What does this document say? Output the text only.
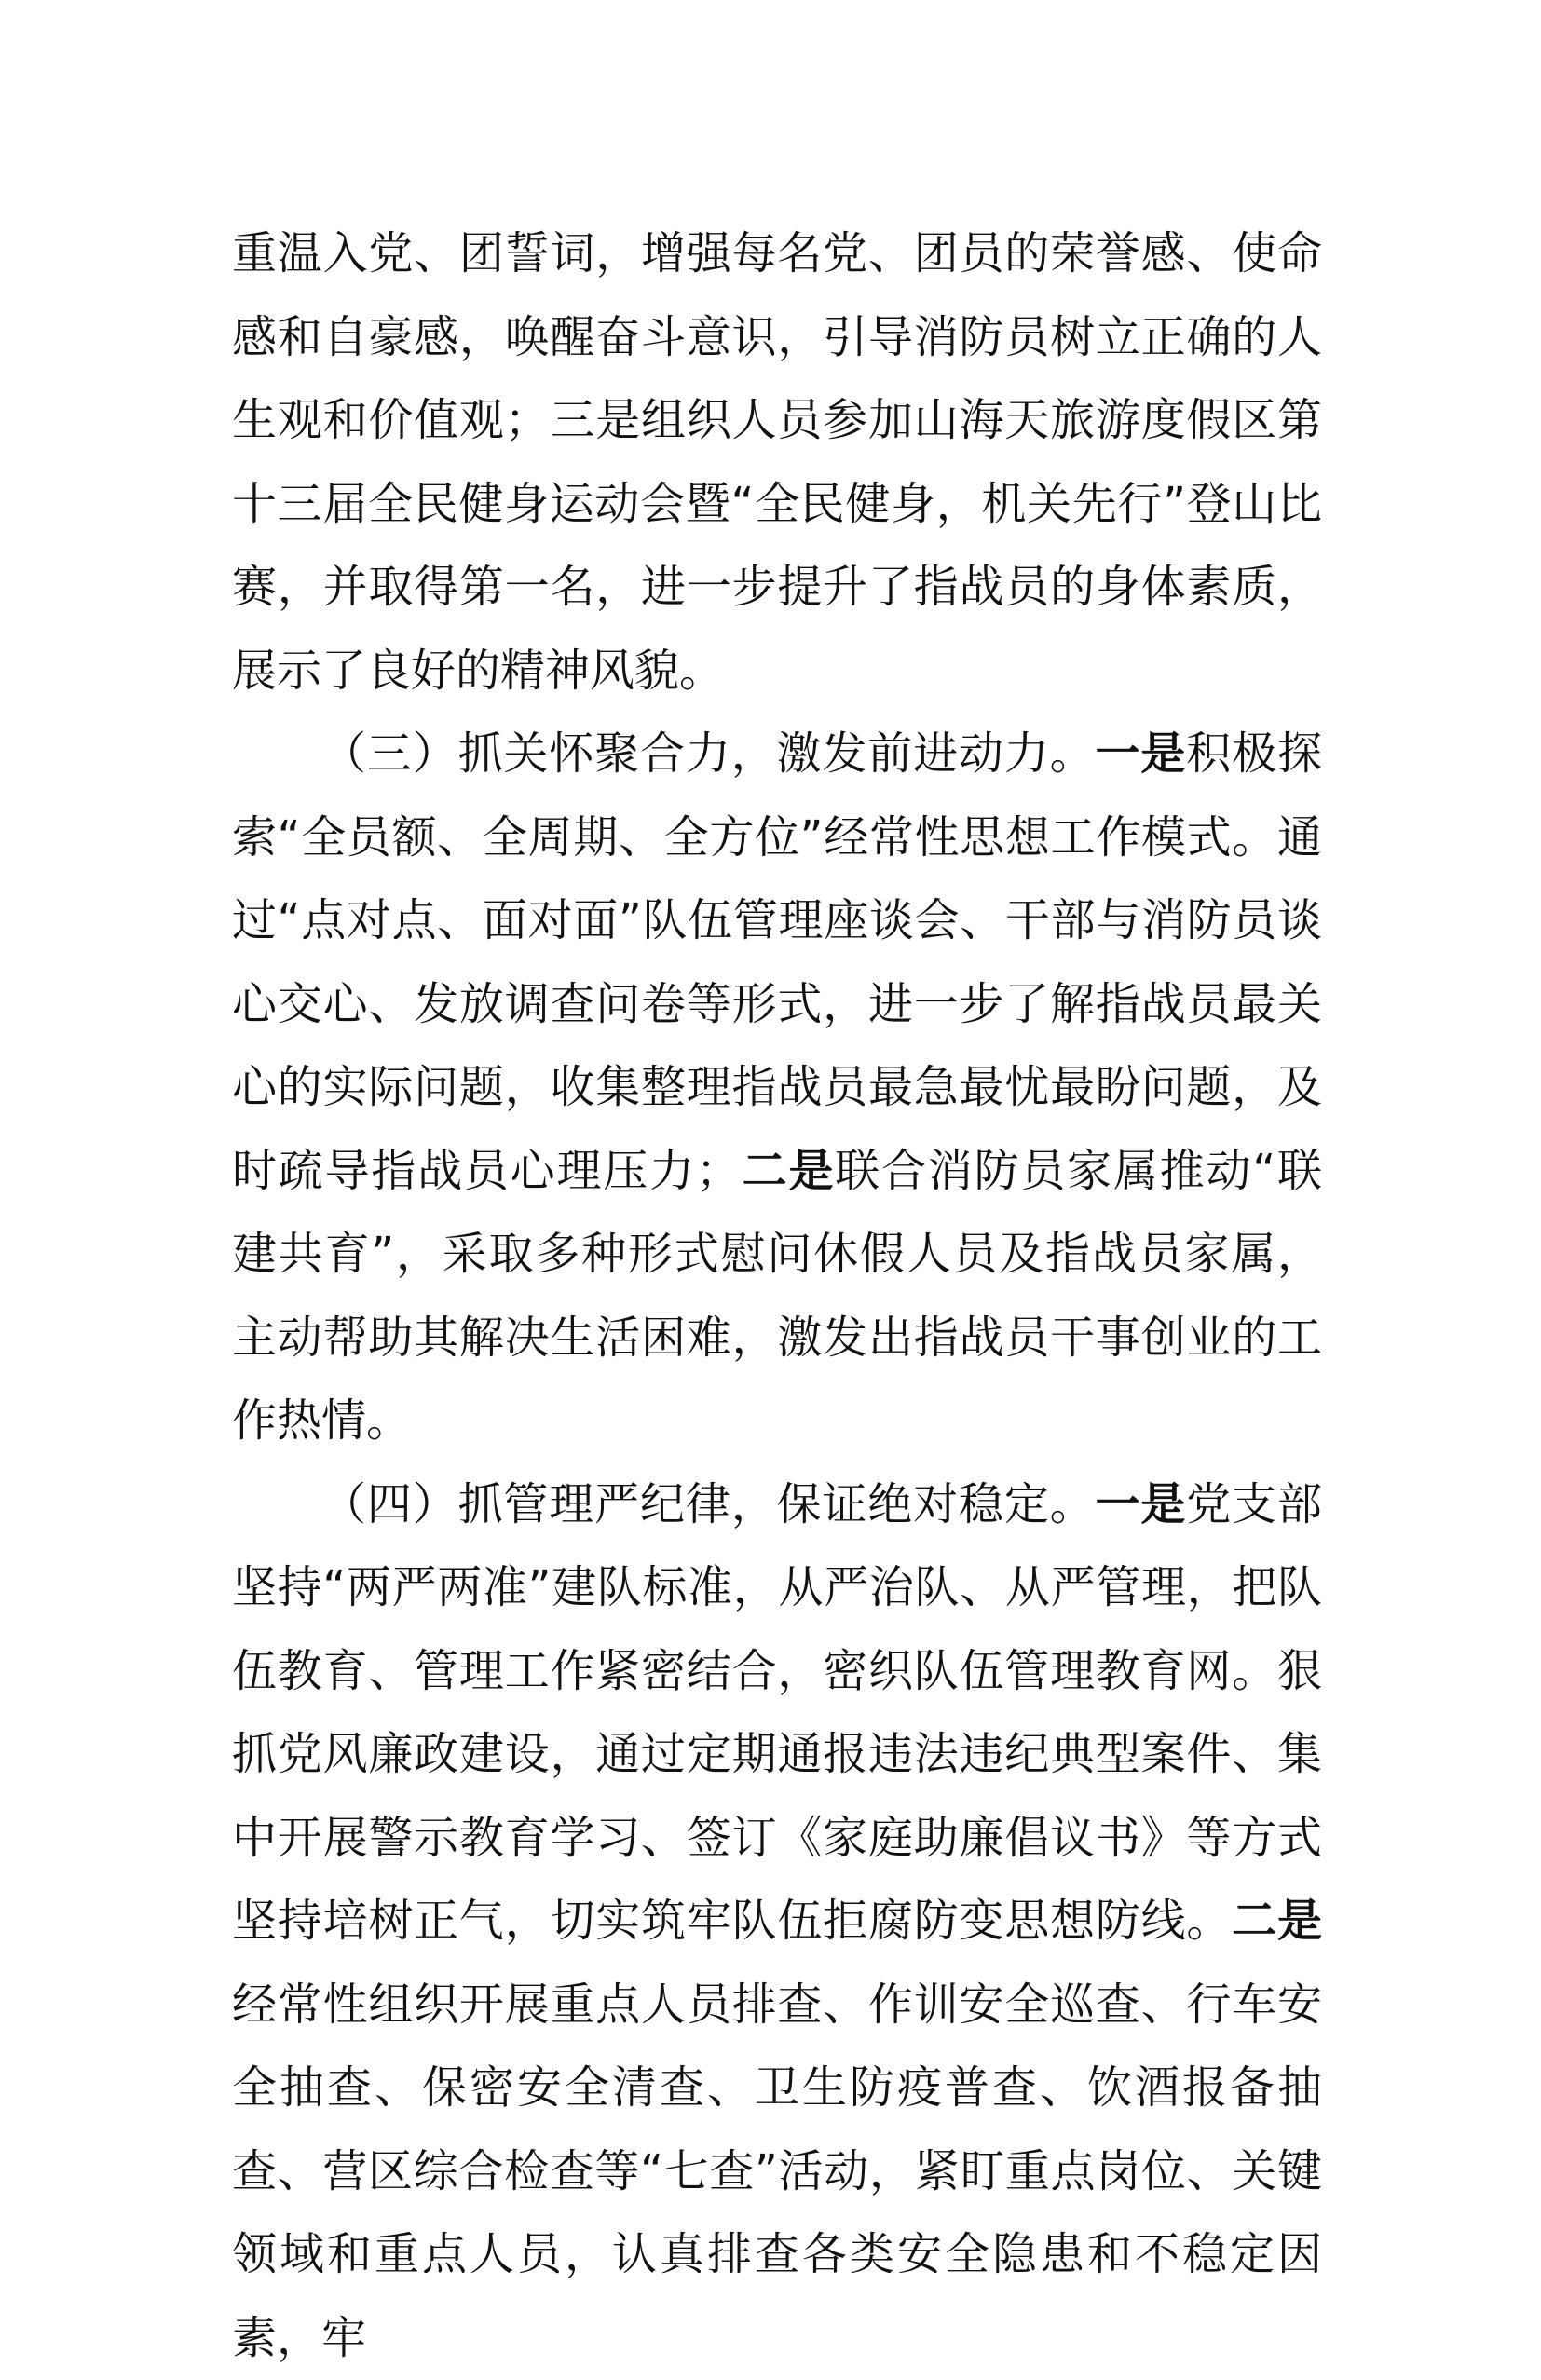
重温入党、团誓词，增强每名党、团员的荣誉感、使命感和自豪感，唤醒奋斗意识，引导消防员树立正确的人生观和价值观；三是组织人员参加山海天旅游度假区第十三届全民健身运动会暨“全民健身，机关先行”登山比赛，并取得第一名，进一步提升了指战员的身体素质，展示了良好的精神风貌。

（三）抓关怀聚合力，激发前进动力。一是积极探索“全员额、全周期、全方位”经常性思想工作模式。通过“点对点、面对面”队伍管理座谈会、干部与消防员谈心交心、发放调查问卷等形式，进一步了解指战员最关心的实际问题，收集整理指战员最急最忧最盼问题，及时疏导指战员心理压力；二是联合消防员家属推动“联建共育”，采取多种形式慰问休假人员及指战员家属，主动帮助其解决生活困难，激发出指战员干事创业的工作热情。

（四）抓管理严纪律，保证绝对稳定。一是党支部坚持“两严两准”建队标准，从严治队、从严管理，把队伍教育、管理工作紧密结合，密织队伍管理教育网。狠抓党风廉政建设，通过定期通报违法违纪典型案件、集中开展警示教育学习、签订《家庭助廉倡议书》等方式坚持培树正气，切实筑牢队伍拒腐防变思想防线。二是经常性组织开展重点人员排查、作训安全巡查、行车安全抽查、保密安全清查、卫生防疫普查、饮酒报备抽查、营区综合检查等“七查”活动，紧盯重点岗位、关键领域和重点人员，认真排查各类安全隐患和不稳定因素，牢
